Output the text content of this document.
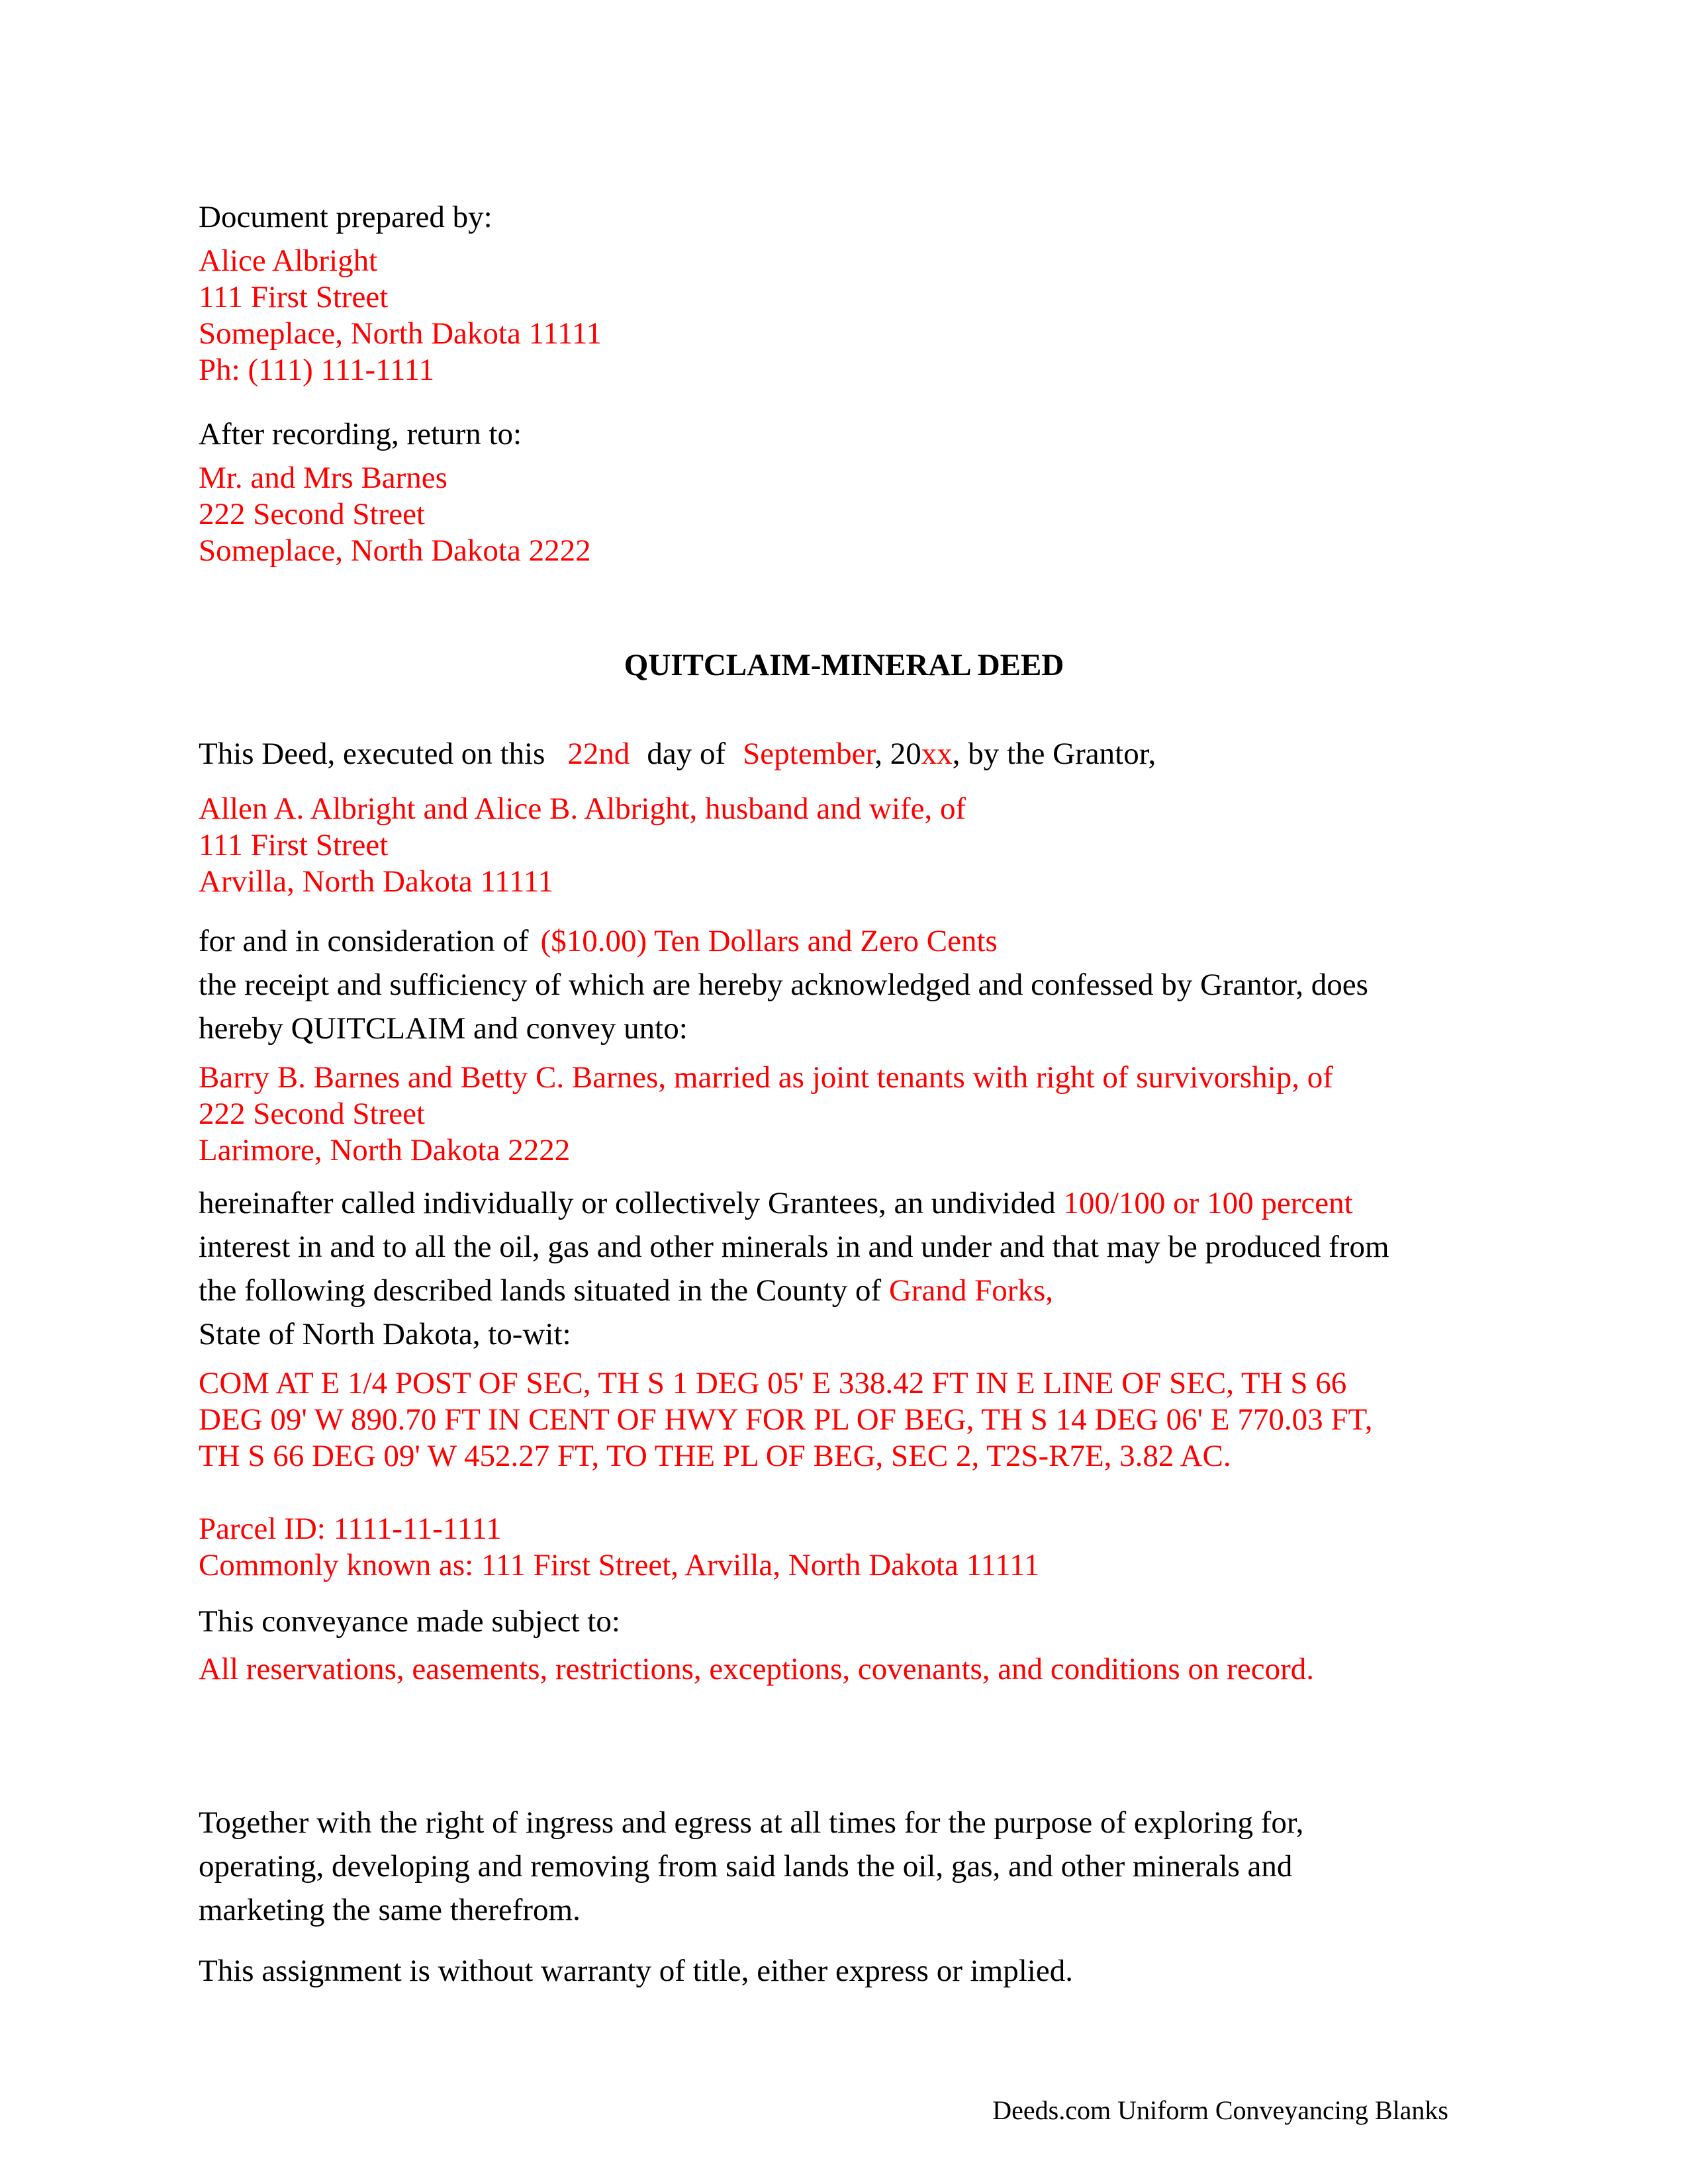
Document prepared by:
Alice Albright
111 First Street
Someplace, North Dakota 11111
Ph: (111) 111-1111
After recording, return to:
Mr. and Mrs Barnes
222 Second Street
Someplace, North Dakota 2222
QUITCLAIM-MINERAL DEED
This Deed, executed on this 22nd day of September, 20xx, by the Grantor,
Allen A. Albright and Alice B. Albright, husband and wife, of
111 First Street
Arvilla, North Dakota 11111
for and in consideration of ($10.00) Ten Dollars and Zero Cents
the receipt and sufficiency of which are hereby acknowledged and confessed by Grantor, does
hereby QUITCLAIM and convey unto:
Barry B. Barnes and Betty C. Barnes, married as joint tenants with right of survivorship, of
222 Second Street
Larimore, North Dakota 2222
hereinafter called individually or collectively Grantees, an undivided 100/100 or 100 percent
interest in and to all the oil, gas and other minerals in and under and that may be produced from
the following described lands situated in the County of Grand Forks,
State of North Dakota, to-wit:
COM AT E 1/4 POST OF SEC, TH S 1 DEG 05' E 338.42 FT IN E LINE OF SEC, TH S 66
DEG 09' W 890.70 FT IN CENT OF HWY FOR PL OF BEG, TH S 14 DEG 06' E 770.03 FT,
TH S 66 DEG 09' W 452.27 FT, TO THE PL OF BEG, SEC 2, T2S-R7E, 3.82 AC.
Parcel ID: 1111-11-1111
Commonly known as: 111 First Street, Arvilla, North Dakota 11111
This conveyance made subject to:
All reservations, easements, restrictions, exceptions, covenants, and conditions on record.
Together with the right of ingress and egress at all times for the purpose of exploring for,
operating, developing and removing from said lands the oil, gas, and other minerals and
marketing the same therefrom.
This assignment is without warranty of title, either express or implied.
Deeds.com Uniform Conveyancing Blanks
